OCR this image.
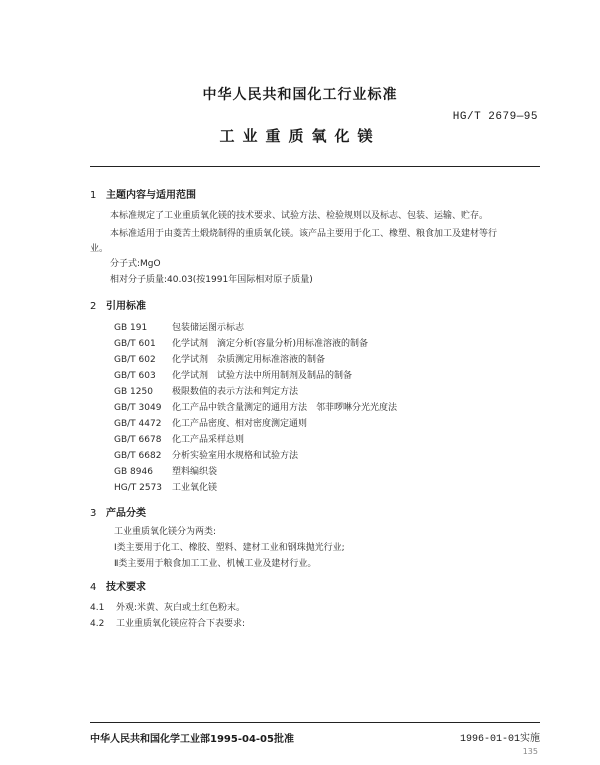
中华人民共和国化工行业标准
HG/T 2679—95
工业重质氧化镁
1 主题内容与适用范围
本标准规定了工业重质氧化镁的技术要求、试验方法、检验规则以及标志、包装、运输、贮存。
本标准适用于由菱苦土煅烧制得的重质氧化镁。该产品主要用于化工、橡塑、粮食加工及建材等行
业。
分子式:MgO
相对分子质量:40.03(按1991年国际相对原子质量)
2 引用标准
GB 191	包装储运图示标志
GB/T 601 化学试剂　滴定分析(容量分析)用标准溶液的制备
GB/T 602 化学试剂　杂质测定用标准溶液的制备
GB/T 603 化学试剂　试验方法中所用制剂及制品的制备
GB 1250 极限数值的表示方法和判定方法
GB/T 3049 化工产品中铁含量测定的通用方法　邻菲啰啉分光光度法
GB/T 4472 化工产品密度、相对密度测定通则
GB/T 6678 化工产品采样总则
GB/T 6682 分析实验室用水规格和试验方法
GB 8946 塑料编织袋
HG/T 2573 工业氧化镁
3 产品分类
工业重质氧化镁分为两类:
Ⅰ类主要用于化工、橡胶、塑料、建材工业和钢珠抛光行业;
Ⅱ类主要用于粮食加工工业、机械工业及建材行业。
4 技术要求
4.1 外观:米黄、灰白或土红色粉末。
4.2 工业重质氧化镁应符合下表要求:
中华人民共和国化学工业部1995-04-05批准	1996-01-01实施
135
